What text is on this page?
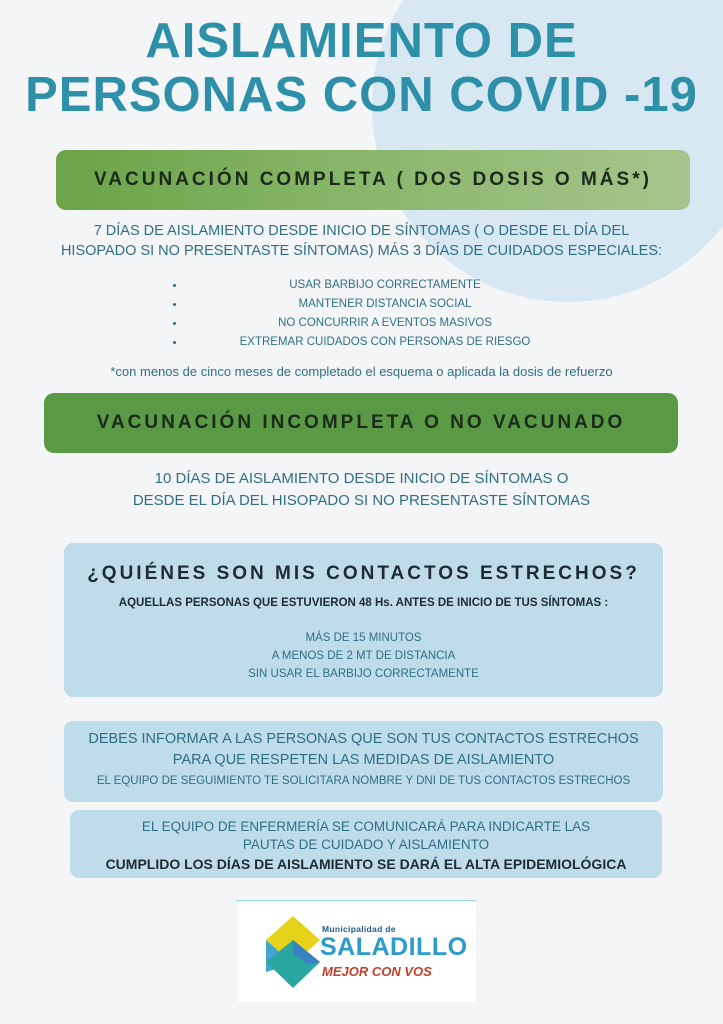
AISLAMIENTO DE
PERSONAS CON COVID -19
VACUNACIÓN COMPLETA ( DOS DOSIS O MÁS*)
7 DÍAS DE AISLAMIENTO DESDE INICIO DE SÍNTOMAS ( O DESDE EL DÍA DEL
HISOPADO SI NO PRESENTASTE SÍNTOMAS) MÁS 3 DÍAS DE CUIDADOS ESPECIALES:
USAR BARBIJO CORRECTAMENTE
MANTENER DISTANCIA SOCIAL
NO CONCURRIR A EVENTOS MASIVOS
EXTREMAR CUIDADOS CON PERSONAS DE RIESGO
*con menos de cinco meses de completado el esquema o aplicada la dosis de refuerzo
VACUNACIÓN INCOMPLETA O NO VACUNADO
10 DÍAS DE AISLAMIENTO DESDE INICIO DE SÍNTOMAS O
DESDE EL DÍA DEL HISOPADO SI NO PRESENTASTE SÍNTOMAS
¿QUIÉNES SON MIS CONTACTOS ESTRECHOS?
AQUELLAS PERSONAS QUE ESTUVIERON 48 Hs. ANTES DE INICIO DE TUS SÍNTOMAS :
MÁS DE 15 MINUTOS
A MENOS DE 2 MT DE DISTANCIA
SIN USAR EL BARBIJO CORRECTAMENTE
DEBES INFORMAR A LAS PERSONAS QUE SON TUS CONTACTOS ESTRECHOS
PARA QUE RESPETEN LAS MEDIDAS DE AISLAMIENTO
EL EQUIPO DE SEGUIMIENTO TE SOLICITARA NOMBRE Y DNI DE TUS CONTACTOS ESTRECHOS
EL EQUIPO DE ENFERMERÍA SE COMUNICARÁ PARA INDICARTE LAS
PAUTAS DE CUIDADO Y AISLAMIENTO
CUMPLIDO LOS DÍAS DE AISLAMIENTO SE DARÁ EL ALTA EPIDEMIOLÓGICA
Municipalidad de
SALADILLO
MEJOR CON VOS
